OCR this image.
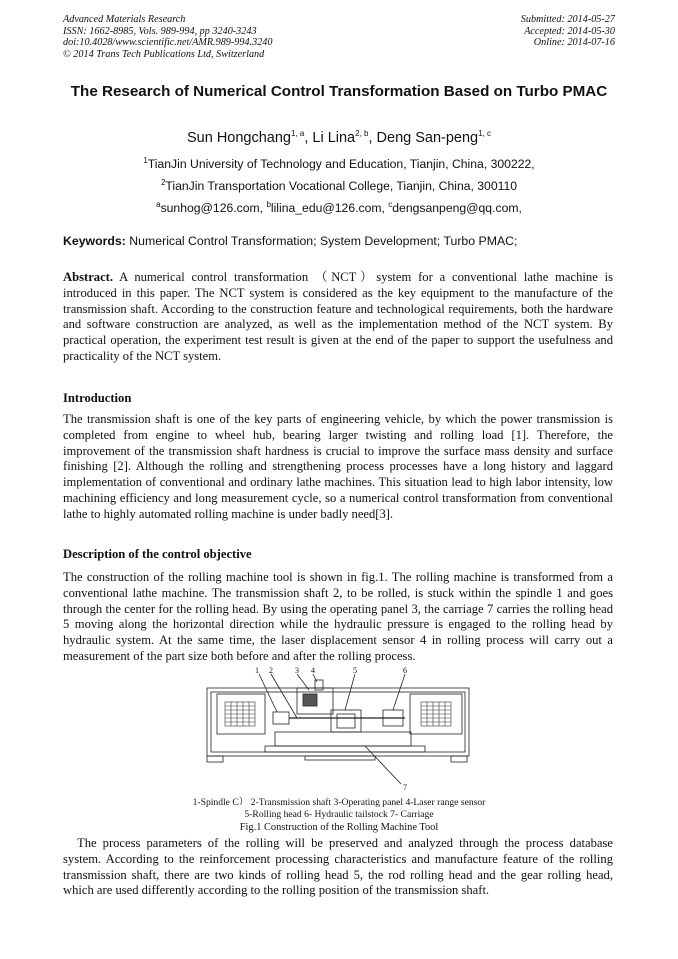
Advanced Materials Research
ISSN: 1662-8985, Vols. 989-994, pp 3240-3243
doi:10.4028/www.scientific.net/AMR.989-994.3240
© 2014 Trans Tech Publications Ltd, Switzerland
Submitted: 2014-05-27
Accepted: 2014-05-30
Online: 2014-07-16
The Research of Numerical Control Transformation Based on Turbo PMAC
Sun Hongchang$^{1, a}$, Li Lina$^{2, b}$, Deng San-peng$^{1, c}$
$^1$TianJin University of Technology and Education, Tianjin, China, 300222,
$^2$TianJin Transportation Vocational College, Tianjin, China, 300110
$^a$sunhog@126.com, $^b$lilina_edu@126.com, $^c$dengsanpeng@qq.com,
Keywords: Numerical Control Transformation; System Development; Turbo PMAC;
Abstract. A numerical control transformation （NCT）system for a conventional lathe machine is introduced in this paper. The NCT system is considered as the key equipment to the manufacture of the transmission shaft. According to the construction feature and technological requirements, both the hardware and software construction are analyzed, as well as the implementation method of the NCT system. By practical operation, the experiment test result is given at the end of the paper to support the usefulness and practicality of the NCT system.
Introduction
The transmission shaft is one of the key parts of engineering vehicle, by which the power transmission is completed from engine to wheel hub, bearing larger twisting and rolling load [1]. Therefore, the improvement of the transmission shaft hardness is crucial to improve the surface mass density and surface finishing [2]. Although the rolling and strengthening process processes have a long history and laggard implementation of conventional and ordinary lathe machines. This situation lead to high labor intensity, low machining efficiency and long measurement cycle, so a numerical control transformation from conventional lathe to highly automated rolling machine is under badly need[3].
Description of the control objective
The construction of the rolling machine tool is shown in fig.1. The rolling machine is transformed from a conventional lathe machine. The transmission shaft 2, to be rolled, is stuck within the spindle 1 and goes through the center for the rolling head. By using the operating panel 3, the carriage 7 carries the rolling head 5 moving along the horizontal direction while the hydraulic pressure is engaged to the rolling head by hydraulic system. At the same time, the laser displacement sensor 4 in rolling process will carry out a measurement of the part size both before and after the rolling process.
1 2	3 4	5	6
7
1-Spindle C） 2-Transmission shaft 3-Operating panel 4-Laser range sensor
5-Rolling head 6- Hydraulic tailstock 7- Carriage
Fig.1 Construction of the Rolling Machine Tool
The process parameters of the rolling will be preserved and analyzed through the process database system. According to the reinforcement processing characteristics and manufacture feature of the rolling transmission shaft, there are two kinds of rolling head 5, the rod rolling head and the gear rolling head, which are used differently according to the rolling position of the transmission shaft.
